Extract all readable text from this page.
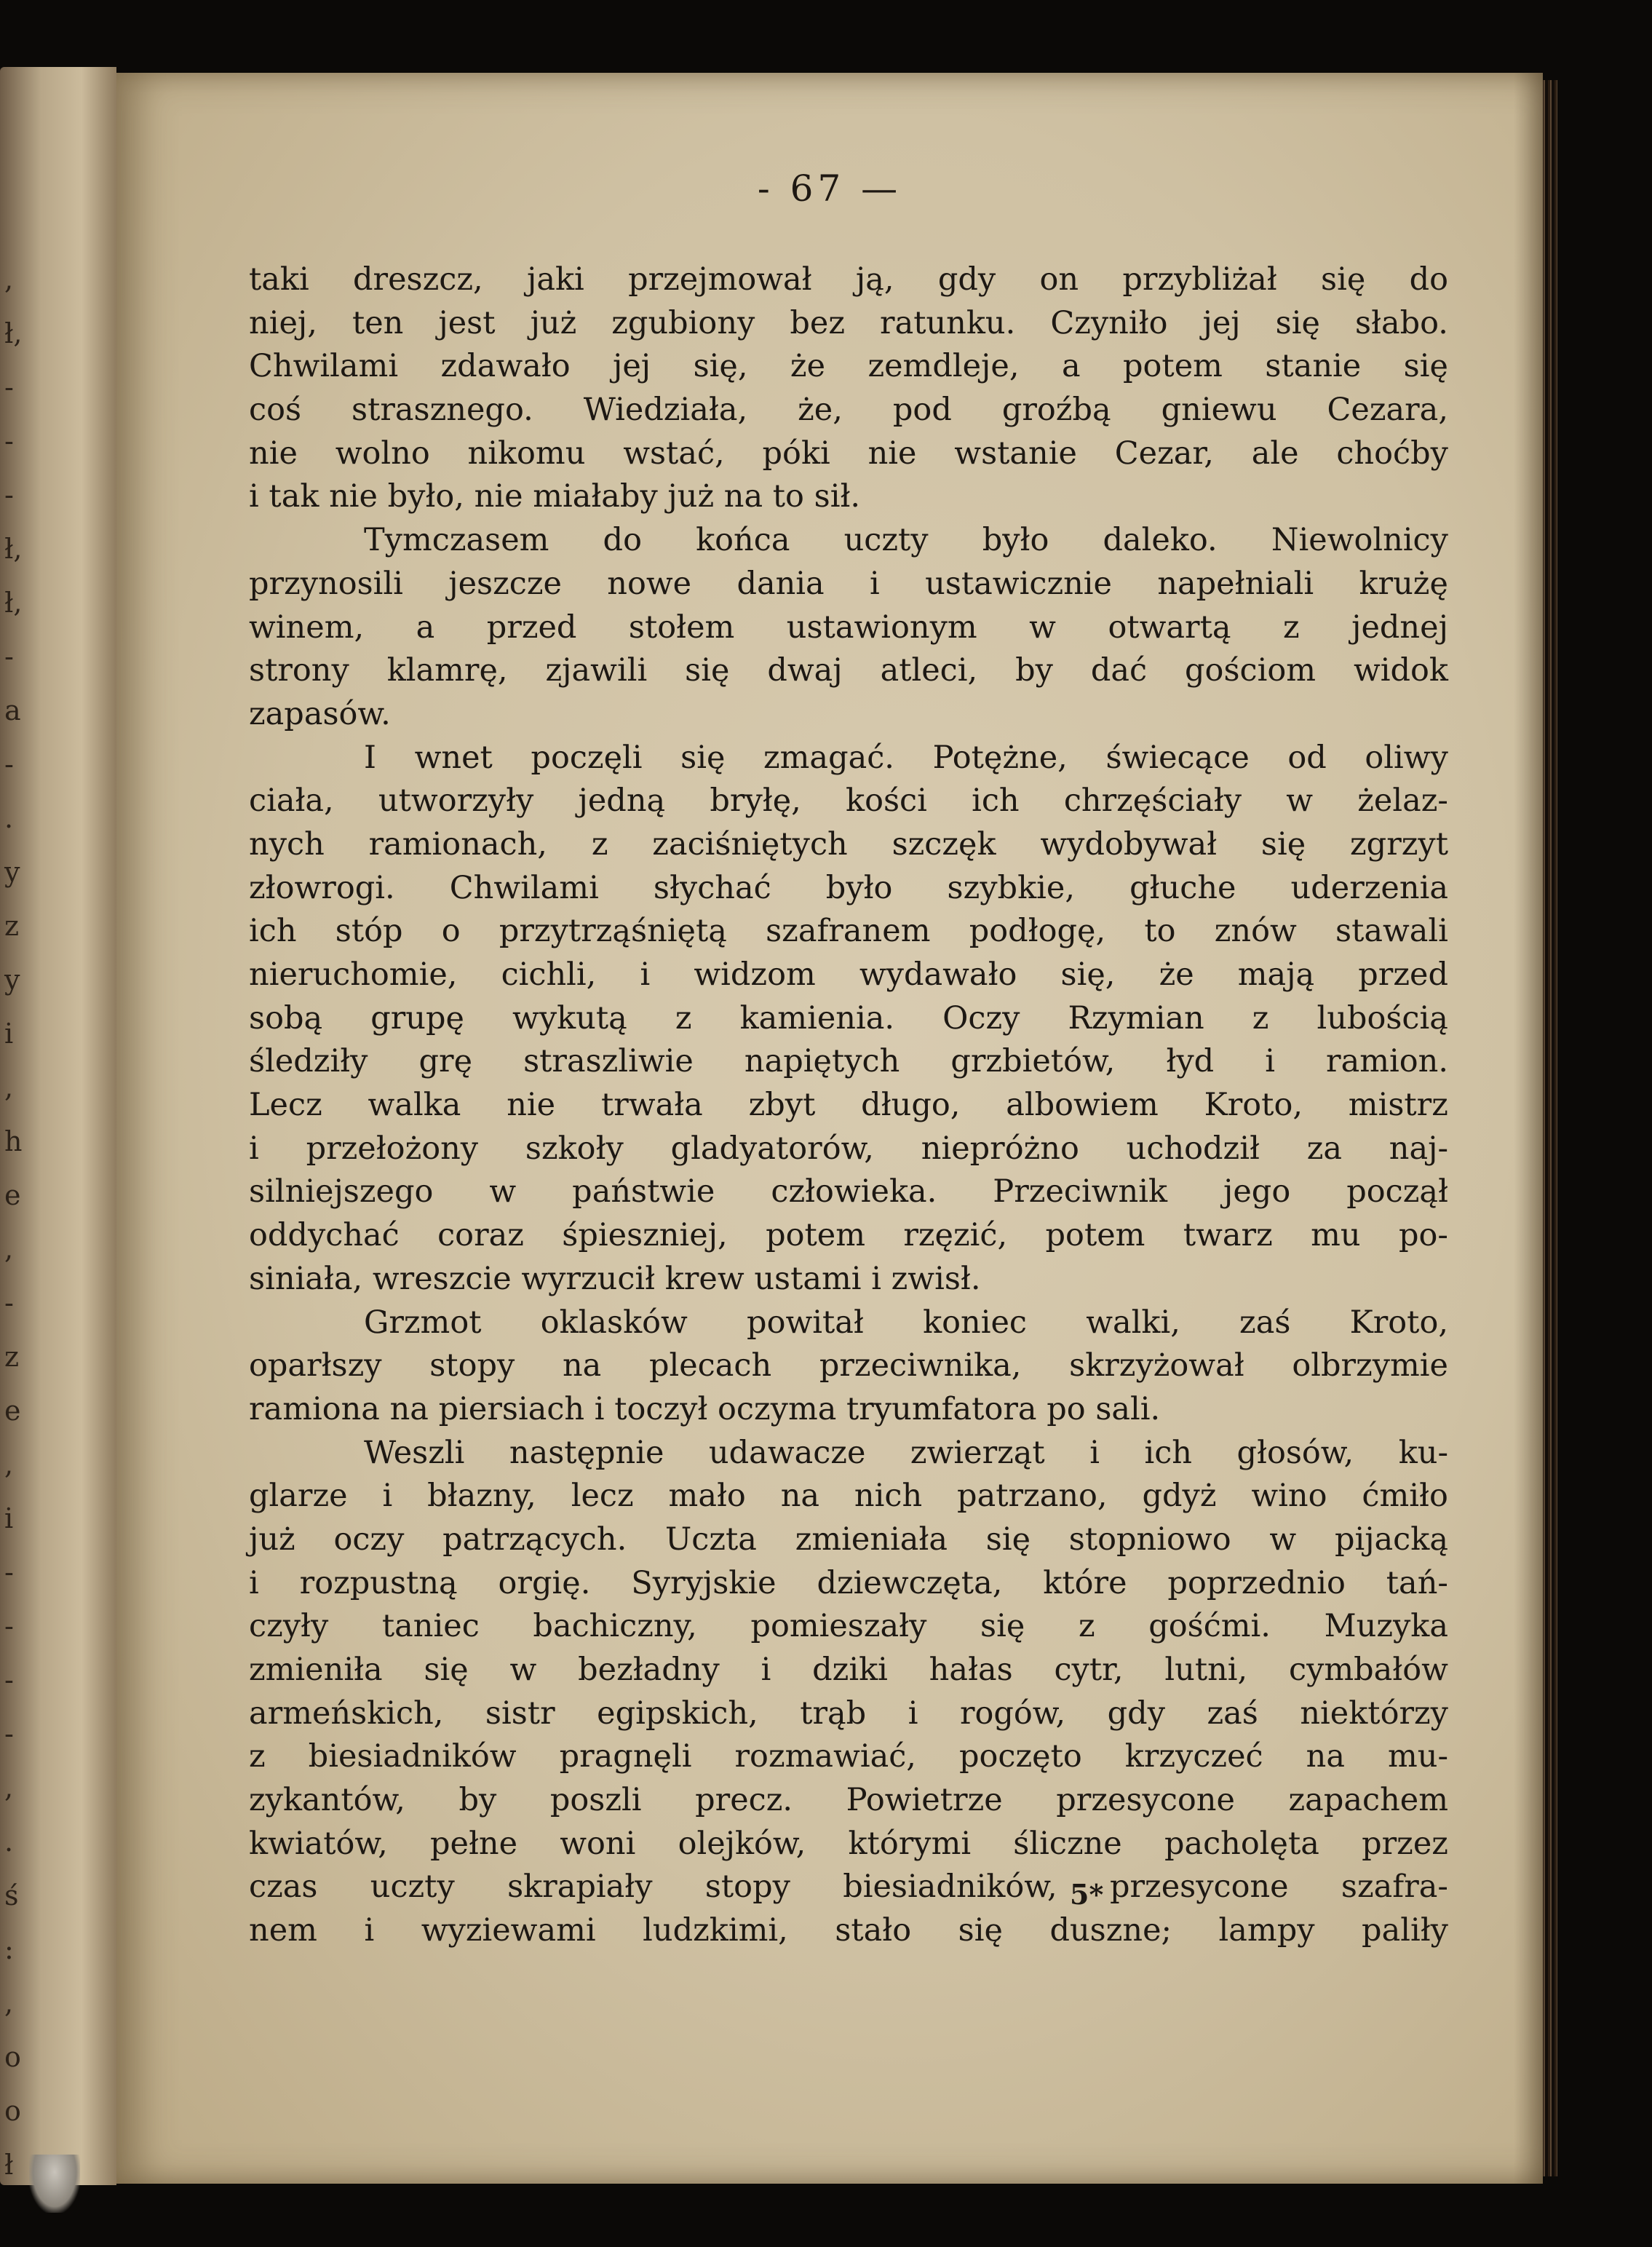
,
ł,
-
-
-
ł,
ł,
-
a
-
.
y
z
y
i
,
h
e
,
-
z
e
,
i
-
-
-
-
,
.
ś
:
,
o
o
ł
- 67 —
taki dreszcz, jaki przejmował ją, gdy on przybliżał się do
niej, ten jest już zgubiony bez ratunku. Czyniło jej się słabo.
Chwilami zdawało jej się, że zemdleje, a potem stanie się
coś strasznego. Wiedziała, że, pod groźbą gniewu Cezara,
nie wolno nikomu wstać, póki nie wstanie Cezar, ale choćby
i tak nie było, nie miałaby już na to sił.
Tymczasem do końca uczty było daleko. Niewolnicy
przynosili jeszcze nowe dania i ustawicznie napełniali krużę
winem, a przed stołem ustawionym w otwartą z jednej
strony klamrę, zjawili się dwaj atleci, by dać gościom widok
zapasów.
I wnet poczęli się zmagać. Potężne, świecące od oliwy
ciała, utworzyły jedną bryłę, kości ich chrzęściały w żelaz-
nych ramionach, z zaciśniętych szczęk wydobywał się zgrzyt
złowrogi. Chwilami słychać było szybkie, głuche uderzenia
ich stóp o przytrząśniętą szafranem podłogę, to znów stawali
nieruchomie, cichli, i widzom wydawało się, że mają przed
sobą grupę wykutą z kamienia. Oczy Rzymian z lubością
śledziły grę straszliwie napiętych grzbietów, łyd i ramion.
Lecz walka nie trwała zbyt długo, albowiem Kroto, mistrz
i przełożony szkoły gladyatorów, niepróżno uchodził za naj-
silniejszego w państwie człowieka. Przeciwnik jego począł
oddychać coraz śpieszniej, potem rzęzić, potem twarz mu po-
siniała, wreszcie wyrzucił krew ustami i zwisł.
Grzmot oklasków powitał koniec walki, zaś Kroto,
oparłszy stopy na plecach przeciwnika, skrzyżował olbrzymie
ramiona na piersiach i toczył oczyma tryumfatora po sali.
Weszli następnie udawacze zwierząt i ich głosów, ku-
glarze i błazny, lecz mało na nich patrzano, gdyż wino ćmiło
już oczy patrzących. Uczta zmieniała się stopniowo w pijacką
i rozpustną orgię. Syryjskie dziewczęta, które poprzednio tań-
czyły taniec bachiczny, pomieszały się z gośćmi. Muzyka
zmieniła się w bezładny i dziki hałas cytr, lutni, cymbałów
armeńskich, sistr egipskich, trąb i rogów, gdy zaś niektórzy
z biesiadników pragnęli rozmawiać, poczęto krzyczeć na mu-
zykantów, by poszli precz. Powietrze przesycone zapachem
kwiatów, pełne woni olejków, którymi śliczne pacholęta przez
czas uczty skrapiały stopy biesiadników, przesycone szafra-
nem i wyziewami ludzkimi, stało się duszne; lampy paliły
5*
